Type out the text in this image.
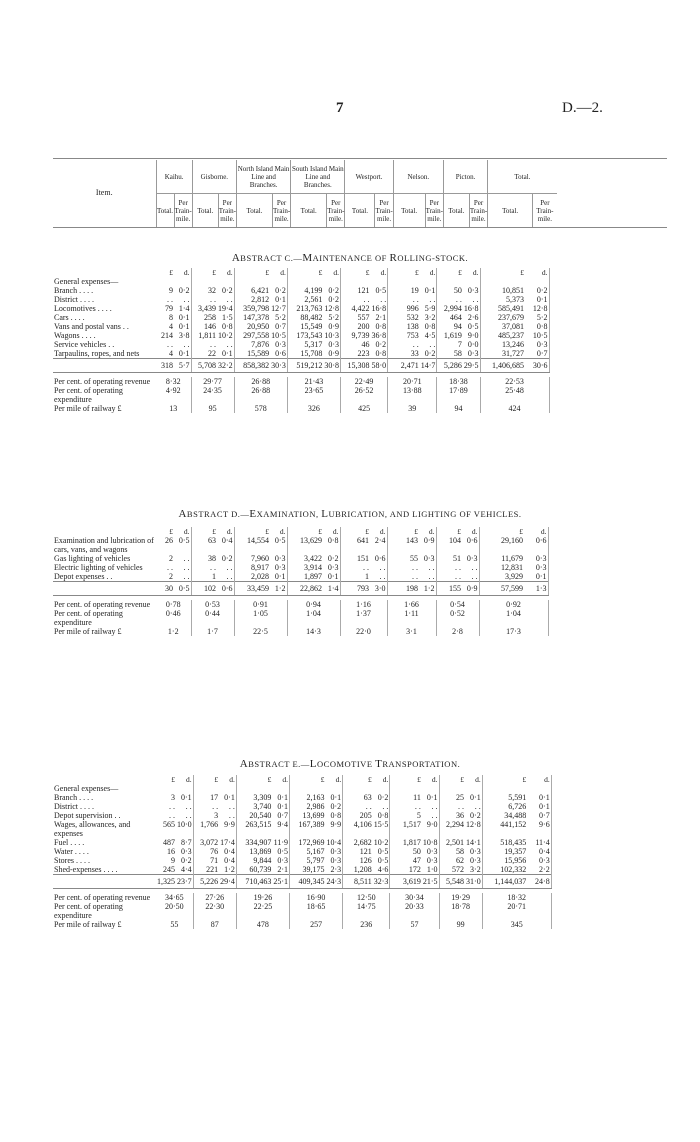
7	D.—2.
Item.	Kaihu.		Gisborne.		North Island Main Line and Branches.		South Island Main Line and Branches.		Westport.		Nelson.		Picton.		Total.	
	Total.	Per Train-mile.	Total.	Per Train-mile.	Total.	Per Train-mile.	Total.	Per Train-mile.	Total.	Per Train-mile.	Total.	Per Train-mile.	Total.	Per Train-mile.	Total.	Per Train-mile.
ABSTRACT C.—MAINTENANCE OF ROLLING-STOCK.
	£	d.	£	d.	£	d.	£	d.	£	d.	£	d.	£	d.	£	d.
General expenses—																
Branch . . . .	9	0·2	32	0·2	6,421	0·2	4,199	0·2	121	0·5	19	0·1	50	0·3	10,851	0·2
District . . . .	. .	. .	. .	. .	2,812	0·1	2,561	0·2	. .	. .	. .	. .	. .	. .	5,373	0·1
Locomotives . . . .	79	1·4	3,439	19·4	359,798	12·7	213,763	12·8	4,422	16·8	996	5·9	2,994	16·8	585,491	12·8
Cars . . . .	8	0·1	258	1·5	147,378	5·2	88,482	5·2	557	2·1	532	3·2	464	2·6	237,679	5·2
Vans and postal vans . .	4	0·1	146	0·8	20,950	0·7	15,549	0·9	200	0·8	138	0·8	94	0·5	37,081	0·8
Wagons . . . .	214	3·8	1,811	10·2	297,558	10·5	173,543	10·3	9,739	36·8	753	4·5	1,619	9·0	485,237	10·5
Service vehicles . .	. .	. .	. .	. .	7,876	0·3	5,317	0·3	46	0·2	. .	. .	7	0·0	13,246	0·3
Tarpaulins, ropes, and nets	4	0·1	22	0·1	15,589	0·6	15,708	0·9	223	0·8	33	0·2	58	0·3	31,727	0·7
	318	5·7	5,708	32·2	858,382	30·3	519,212	30·8	15,308	58·0	2,471	14·7	5,286	29·5	1,406,685	30·6

Per cent. of operating revenue	8·32		29·77		26·88		21·43		22·49		20·71		18·38		22·53	
Per cent. of operating expenditure	4·92		24·35		26·88		23·65		26·52		13·88		17·89		25·48	
Per mile of railway £	13		95		578		326		425		39		94		424	
ABSTRACT D.—EXAMINATION, LUBRICATION, AND LIGHTING OF VEHICLES.
	£	d.	£	d.	£	d.	£	d.	£	d.	£	d.	£	d.	£	d.
Examination and lubrication of cars, vans, and wagons	26	0·5	63	0·4	14,554	0·5	13,629	0·8	641	2·4	143	0·9	104	0·6	29,160	0·6
Gas lighting of vehicles	2	. .	38	0·2	7,960	0·3	3,422	0·2	151	0·6	55	0·3	51	0·3	11,679	0·3
Electric lighting of vehicles	. .	. .	. .	. .	8,917	0·3	3,914	0·3	. .	. .	. .	. .	. .	. .	12,831	0·3
Depot expenses . .	2	. .	1	. .	2,028	0·1	1,897	0·1	1	. .	. .	. .	. .	. .	3,929	0·1
	30	0·5	102	0·6	33,459	1·2	22,862	1·4	793	3·0	198	1·2	155	0·9	57,599	1·3

Per cent. of operating revenue	0·78		0·53		0·91		0·94		1·16		1·66		0·54		0·92	
Per cent. of operating expenditure	0·46		0·44		1·05		1·04		1·37		1·11		0·52		1·04	
Per mile of railway £	1·2		1·7		22·5		14·3		22·0		3·1		2·8		17·3	
ABSTRACT E.—LOCOMOTIVE TRANSPORTATION.
	£	d.	£	d.	£	d.	£	d.	£	d.	£	d.	£	d.	£	d.
General expenses—																
Branch . . . .	3	0·1	17	0·1	3,309	0·1	2,163	0·1	63	0·2	11	0·1	25	0·1	5,591	0·1
District . . . .	. .	. .	. .	. .	3,740	0·1	2,986	0·2	. .	. .	. .	. .	. .	. .	6,726	0·1
Depot supervision . .	. .	. .	3	. .	20,540	0·7	13,699	0·8	205	0·8	5	. .	36	0·2	34,488	0·7
Wages, allowances, and expenses	565	10·0	1,766	9·9	263,515	9·4	167,389	9·9	4,106	15·5	1,517	9·0	2,294	12·8	441,152	9·6
Fuel . . . .	487	8·7	3,072	17·4	334,907	11·9	172,969	10·4	2,682	10·2	1,817	10·8	2,501	14·1	518,435	11·4
Water . . . .	16	0·3	76	0·4	13,869	0·5	5,167	0·3	121	0·5	50	0·3	58	0·3	19,357	0·4
Stores . . . .	9	0·2	71	0·4	9,844	0·3	5,797	0·3	126	0·5	47	0·3	62	0·3	15,956	0·3
Shed-expenses . . . .	245	4·4	221	1·2	60,739	2·1	39,175	2·3	1,208	4·6	172	1·0	572	3·2	102,332	2·2
	1,325	23·7	5,226	29·4	710,463	25·1	409,345	24·3	8,511	32·3	3,619	21·5	5,548	31·0	1,144,037	24·8

Per cent. of operating revenue	34·65		27·26		19·26		16·90		12·50		30·34		19·29		18·32	
Per cent. of operating expenditure	20·50		22·30		22·25		18·65		14·75		20·33		18·78		20·71	
Per mile of railway £	55		87		478		257		236		57		99		345	
